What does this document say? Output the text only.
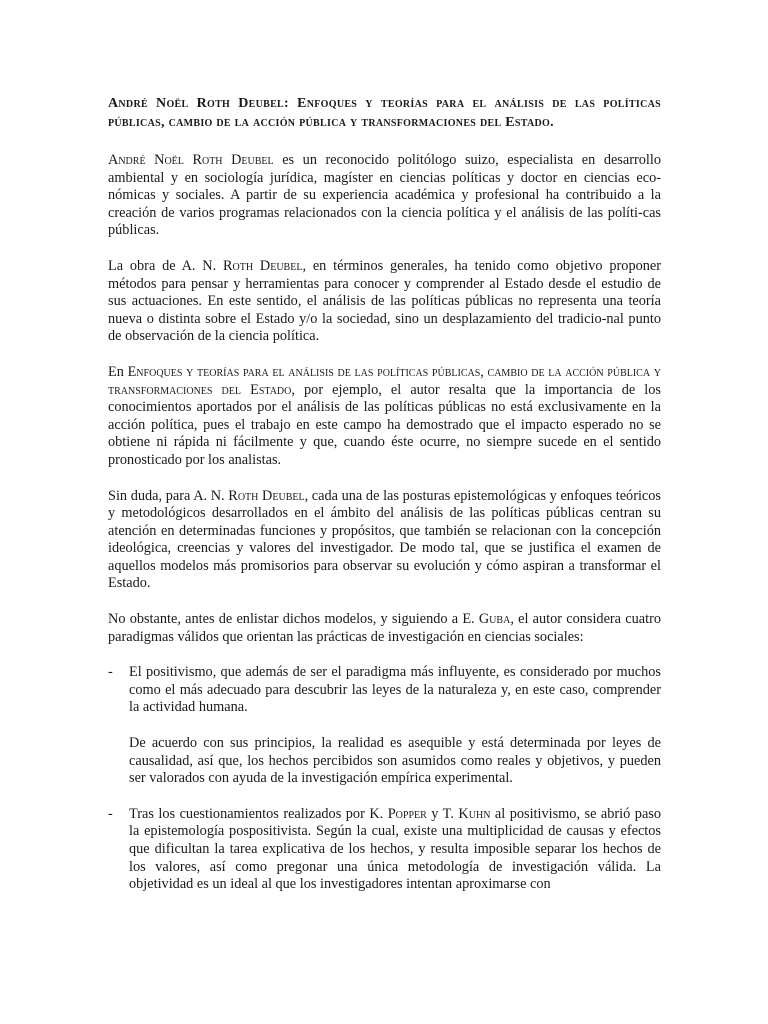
André Noël Roth Deubel: Enfoques y teorías para el análisis de las políticas públicas, cambio de la acción pública y transformaciones del Estado.

André Noël Roth Deubel es un reconocido politólogo suizo, especialista en desarrollo ambiental y en sociología jurídica, magíster en ciencias políticas y doctor en ciencias eco-nómicas y sociales. A partir de su experiencia académica y profesional ha contribuido a la creación de varios programas relacionados con la ciencia política y el análisis de las políti-cas públicas.

La obra de A. N. Roth Deubel, en términos generales, ha tenido como objetivo proponer métodos para pensar y herramientas para conocer y comprender al Estado desde el estudio de sus actuaciones. En este sentido, el análisis de las políticas públicas no representa una teoría nueva o distinta sobre el Estado y/o la sociedad, sino un desplazamiento del tradicio-nal punto de observación de la ciencia política.

En Enfoques y teorías para el análisis de las políticas públicas, cambio de la acción pública y transformaciones del Estado, por ejemplo, el autor resalta que la importancia de los conocimientos aportados por el análisis de las políticas públicas no está exclusivamente en la acción política, pues el trabajo en este campo ha demostrado que el impacto esperado no se obtiene ni rápida ni fácilmente y que, cuando éste ocurre, no siempre sucede en el sentido pronosticado por los analistas.

Sin duda, para A. N. Roth Deubel, cada una de las posturas epistemológicas y enfoques teóricos y metodológicos desarrollados en el ámbito del análisis de las políticas públicas centran su atención en determinadas funciones y propósitos, que también se relacionan con la concepción ideológica, creencias y valores del investigador. De modo tal, que se justifica el examen de aquellos modelos más promisorios para observar su evolución y cómo aspiran a transformar el Estado.

No obstante, antes de enlistar dichos modelos, y siguiendo a E. Guba, el autor considera cuatro paradigmas válidos que orientan las prácticas de investigación en ciencias sociales:

- El positivismo, que además de ser el paradigma más influyente, es considerado por muchos como el más adecuado para descubrir las leyes de la naturaleza y, en este caso, comprender la actividad humana.

De acuerdo con sus principios, la realidad es asequible y está determinada por leyes de causalidad, así que, los hechos percibidos son asumidos como reales y objetivos, y pueden ser valorados con ayuda de la investigación empírica experimental.

- Tras los cuestionamientos realizados por K. Popper y T. Kuhn al positivismo, se abrió paso la epistemología pospositivista. Según la cual, existe una multiplicidad de causas y efectos que dificultan la tarea explicativa de los hechos, y resulta imposible separar los hechos de los valores, así como pregonar una única metodología de investigación válida. La objetividad es un ideal al que los investigadores intentan aproximarse con
